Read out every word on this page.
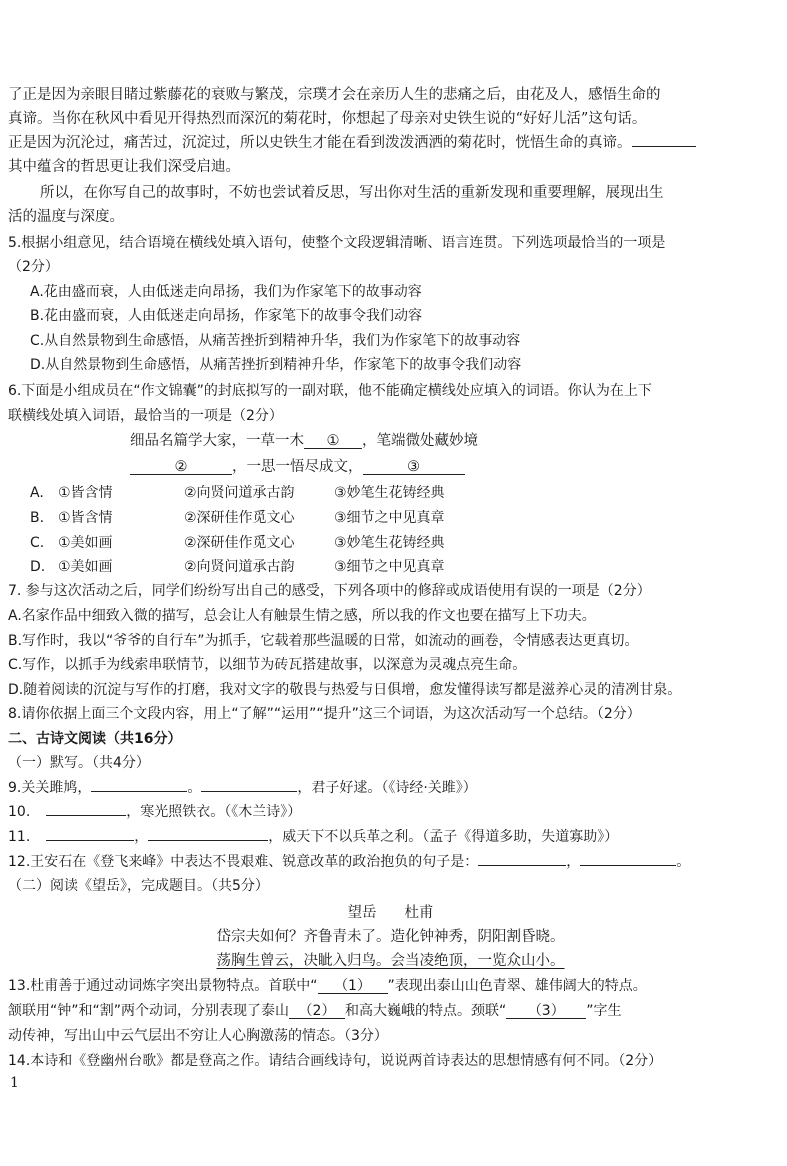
了正是因为亲眼目睹过紫藤花的衰败与繁茂，宗璞才会在亲历人生的悲痛之后，由花及人，感悟生命的
真谛。当你在秋风中看见开得热烈而深沉的菊花时，你想起了母亲对史铁生说的“好好儿活”这句话。
正是因为沉沦过，痛苦过，沉淀过，所以史铁生才能在看到泼泼洒洒的菊花时，恍悟生命的真谛。
其中蕴含的哲思更让我们深受启迪。
所以，在你写自己的故事时，不妨也尝试着反思，写出你对生活的重新发现和重要理解，展现出生
活的温度与深度。
5.根据小组意见，结合语境在横线处填入语句，使整个文段逻辑清晰、语言连贯。下列选项最恰当的一项是
（2分）
A.花由盛而衰，人由低迷走向昂扬，我们为作家笔下的故事动容
B.花由盛而衰，人由低迷走向昂扬，作家笔下的故事令我们动容
C.从自然景物到生命感悟，从痛苦挫折到精神升华，我们为作家笔下的故事动容
D.从自然景物到生命感悟，从痛苦挫折到精神升华，作家笔下的故事令我们动容
6.下面是小组成员在“作文锦囊”的封底拟写的一副对联，他不能确定横线处应填入的词语。你认为在上下
联横线处填入词语，最恰当的一项是（2分）
细品名篇学大家，一草一木 ① ，笔端微处藏妙境
②	，一思一悟尽成文，	③
A. ①皆含情	②向贤问道承古韵	③妙笔生花铸经典
B. ①皆含情	②深研佳作觅文心	③细节之中见真章
C. ①美如画	②深研佳作觅文心	③妙笔生花铸经典
D. ①美如画	②向贤问道承古韵	③细节之中见真章
7. 参与这次活动之后，同学们纷纷写出自己的感受，下列各项中的修辞或成语使用有误的一项是（2分）
A.名家作品中细致入微的描写，总会让人有触景生情之感，所以我的作文也要在描写上下功夫。
B.写作时，我以“爷爷的自行车”为抓手，它载着那些温暖的日常，如流动的画卷，令情感表达更真切。
C.写作，以抓手为线索串联情节，以细节为砖瓦搭建故事，以深意为灵魂点亮生命。
D.随着阅读的沉淀与写作的打磨，我对文字的敬畏与热爱与日俱增，愈发懂得读写都是滋养心灵的清冽甘泉。
8.请你依据上面三个文段内容，用上“了解”“运用”“提升”这三个词语，为这次活动写一个总结。（2分）
二、古诗文阅读（共16分）
（一）默写。（共4分）
9.关关雎鸠，	。	，君子好逑。（《诗经·关雎》）
10.	，寒光照铁衣。（《木兰诗》）
11.	，	，威天下不以兵革之利。（孟子《得道多助，失道寡助》）
12.王安石在《登飞来峰》中表达不畏艰难、锐意改革的政治抱负的句子是：	，	。
（二）阅读《望岳》，完成题目。（共5分）
望岳 杜甫
岱宗夫如何？齐鲁青未了。造化钟神秀，阴阳割昏晓。
荡胸生曾云，决眦入归鸟。会当凌绝顶，一览众山小。
13.杜甫善于通过动词炼字突出景物特点。首联中“ （1） ”表现出泰山山色青翠、雄伟阔大的特点。
颔联用“钟”和“割”两个动词，分别表现了泰山 （2） 和高大巍峨的特点。颈联“ （3） ”字生
动传神，写出山中云气层出不穷让人心胸激荡的情态。（3分）
14.本诗和《登幽州台歌》都是登高之作。请结合画线诗句，说说两首诗表达的思想情感有何不同。（2分）
1
